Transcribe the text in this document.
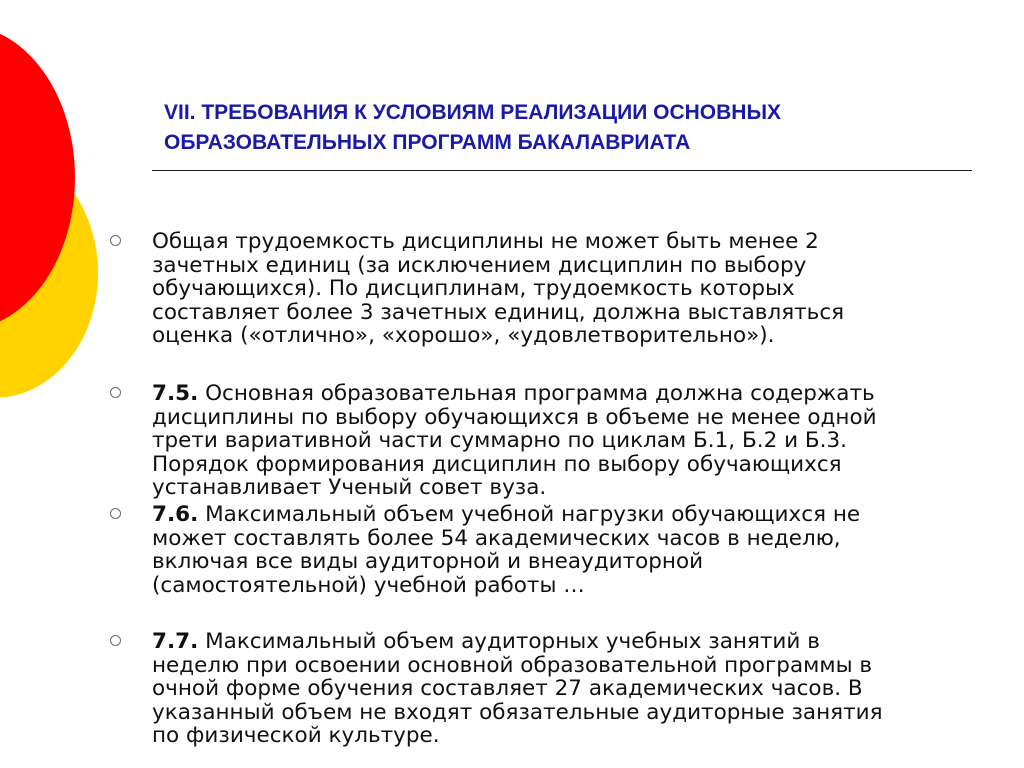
VII. ТРЕБОВАНИЯ К УСЛОВИЯМ РЕАЛИЗАЦИИ ОСНОВНЫХ
ОБРАЗОВАТЕЛЬНЫХ ПРОГРАММ БАКАЛАВРИАТА
Общая трудоемкость дисциплины не может быть менее 2
зачетных единиц (за исключением дисциплин по выбору
обучающихся). По дисциплинам, трудоемкость которых
составляет более 3 зачетных единиц, должна выставляться
оценка («отлично», «хорошо», «удовлетворительно»).
7.5. Основная образовательная программа должна содержать
дисциплины по выбору обучающихся в объеме не менее одной
трети вариативной части суммарно по циклам Б.1, Б.2 и Б.3.
Порядок формирования дисциплин по выбору обучающихся
устанавливает Ученый совет вуза.
7.6. Максимальный объем учебной нагрузки обучающихся не
может составлять более 54 академических часов в неделю,
включая все виды аудиторной и внеаудиторной
(самостоятельной) учебной работы …
7.7. Максимальный объем аудиторных учебных занятий в
неделю при освоении основной образовательной программы в
очной форме обучения составляет 27 академических часов. В
указанный объем не входят обязательные аудиторные занятия
по физической культуре.
